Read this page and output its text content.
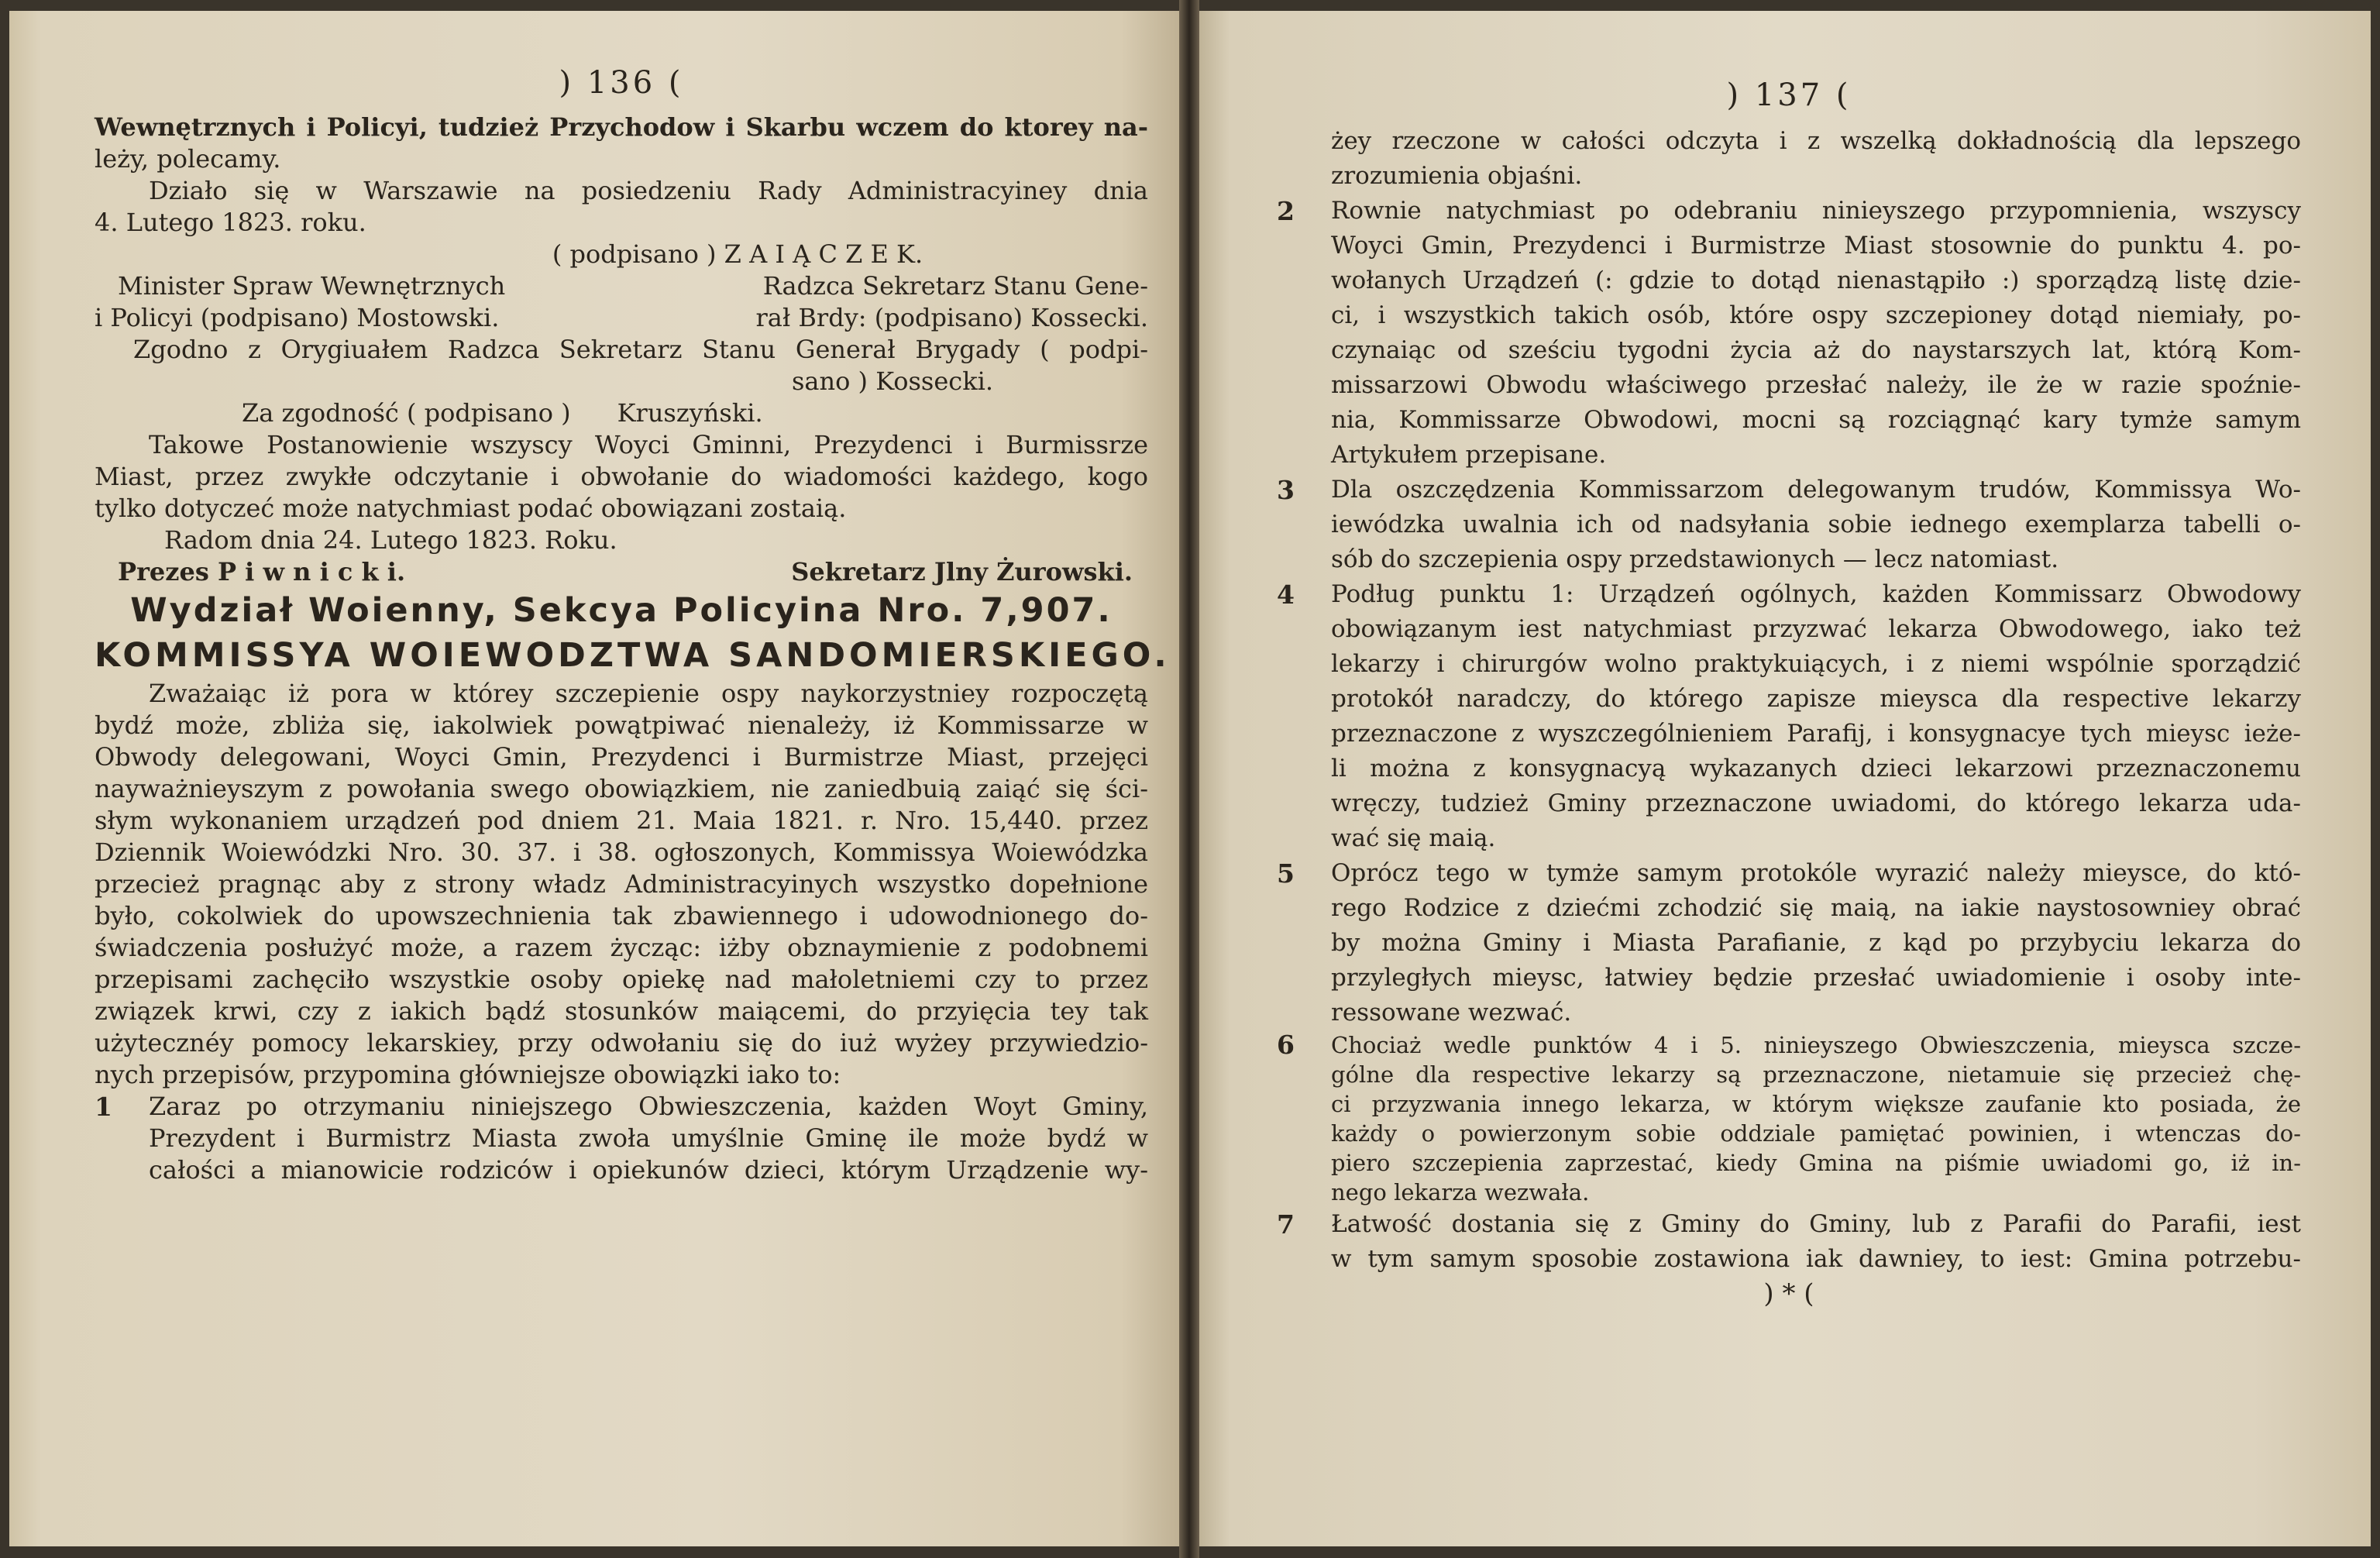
) 136 (
Wewnętrznych i Policyi, tudzież Przychodow i Skarbu wczem do ktorey na-
leży, polecamy.
Działo się w Warszawie na posiedzeniu Rady Administracyiney dnia
4. Lutego 1823. roku.
( podpisano ) Z A I Ą C Z E K.
Minister Spraw Wewnętrznych	Radzca Sekretarz Stanu Gene-
i Policyi (podpisano) Mostowski.	rał Brdy: (podpisano) Kossecki.
Zgodno z Orygiuałem Radzca Sekretarz Stanu Generał Brygady ( podpi-
sano ) Kossecki.
Za zgodność ( podpisano ) Kruszyński.
Takowe Postanowienie wszyscy Woyci Gminni, Prezydenci i Burmissrze
Miast, przez zwykłe odczytanie i obwołanie do wiadomości każdego, kogo
tylko dotyczeć może natychmiast podać obowiązani zostaią.
Radom dnia 24. Lutego 1823. Roku.
Prezes P i w n i c k i.	Sekretarz Jlny Żurowski.
Wydział Woienny, Sekcya Policyina Nro. 7,907.
KOMMISSYA WOIEWODZTWA SANDOMIERSKIEGO.
Zważaiąc iż pora w którey szczepienie ospy naykorzystniey rozpoczętą
bydź może, zbliża się, iakolwiek powątpiwać nienależy, iż Kommissarze w
Obwody delegowani, Woyci Gmin, Prezydenci i Burmistrze Miast, przejęci
nayważnieyszym z powołania swego obowiązkiem, nie zaniedbuią zaiąć się ści-
słym wykonaniem urządzeń pod dniem 21. Maia 1821. r. Nro. 15,440. przez
Dziennik Woiewódzki Nro. 30. 37. i 38. ogłoszonych, Kommissya Woiewódzka
przecież pragnąc aby z strony władz Administracyinych wszystko dopełnione
było, cokolwiek do upowszechnienia tak zbawiennego i udowodnionego do-
świadczenia posłużyć może, a razem życząc: iżby obznaymienie z podobnemi
przepisami zachęciło wszystkie osoby opiekę nad małoletniemi czy to przez
związek krwi, czy z iakich bądź stosunków maiącemi, do przyięcia tey tak
użytecznéy pomocy lekarskiey, przy odwołaniu się do iuż wyżey przywiedzio-
nych przepisów, przypomina główniejsze obowiązki iako to:
1 Zaraz po otrzymaniu niniejszego Obwieszczenia, każden Woyt Gminy,
Prezydent i Burmistrz Miasta zwoła umyślnie Gminę ile może bydź w
całości a mianowicie rodziców i opiekunów dzieci, którym Urządzenie wy-
) 137 (
żey rzeczone w całości odczyta i z wszelką dokładnością dla lepszego
zrozumienia objaśni.
2 Rownie natychmiast po odebraniu ninieyszego przypomnienia, wszyscy
Woyci Gmin, Prezydenci i Burmistrze Miast stosownie do punktu 4. po-
wołanych Urządzeń (: gdzie to dotąd nienastąpiło :) sporządzą listę dzie-
ci, i wszystkich takich osób, które ospy szczepioney dotąd niemiały, po-
czynaiąc od sześciu tygodni życia aż do naystarszych lat, którą Kom-
missarzowi Obwodu właściwego przesłać należy, ile że w razie spoźnie-
nia, Kommissarze Obwodowi, mocni są rozciągnąć kary tymże samym
Artykułem przepisane.
3 Dla oszczędzenia Kommissarzom delegowanym trudów, Kommissya Wo-
iewódzka uwalnia ich od nadsyłania sobie iednego exemplarza tabelli o-
sób do szczepienia ospy przedstawionych — lecz natomiast.
4 Podług punktu 1: Urządzeń ogólnych, każden Kommissarz Obwodowy
obowiązanym iest natychmiast przyzwać lekarza Obwodowego, iako też
lekarzy i chirurgów wolno praktykuiących, i z niemi wspólnie sporządzić
protokół naradczy, do którego zapisze mieysca dla respective lekarzy
przeznaczone z wyszczególnieniem Parafij, i konsygnacye tych mieysc ieże-
li można z konsygnacyą wykazanych dzieci lekarzowi przeznaczonemu
wręczy, tudzież Gminy przeznaczone uwiadomi, do którego lekarza uda-
wać się maią.
5 Oprócz tego w tymże samym protokóle wyrazić należy mieysce, do któ-
rego Rodzice z dziećmi zchodzić się maią, na iakie naystosowniey obrać
by można Gminy i Miasta Parafianie, z kąd po przybyciu lekarza do
przyległych mieysc, łatwiey będzie przesłać uwiadomienie i osoby inte-
ressowane wezwać.
6 Chociaż wedle punktów 4 i 5. ninieyszego Obwieszczenia, mieysca szcze-
gólne dla respective lekarzy są przeznaczone, nietamuie się przecież chę-
ci przyzwania innego lekarza, w którym większe zaufanie kto posiada, że
każdy o powierzonym sobie oddziale pamiętać powinien, i wtenczas do-
piero szczepienia zaprzestać, kiedy Gmina na piśmie uwiadomi go, iż in-
nego lekarza wezwała.
7 Łatwość dostania się z Gminy do Gminy, lub z Parafii do Parafii, iest
w tym samym sposobie zostawiona iak dawniey, to iest: Gmina potrzebu-
) * (
